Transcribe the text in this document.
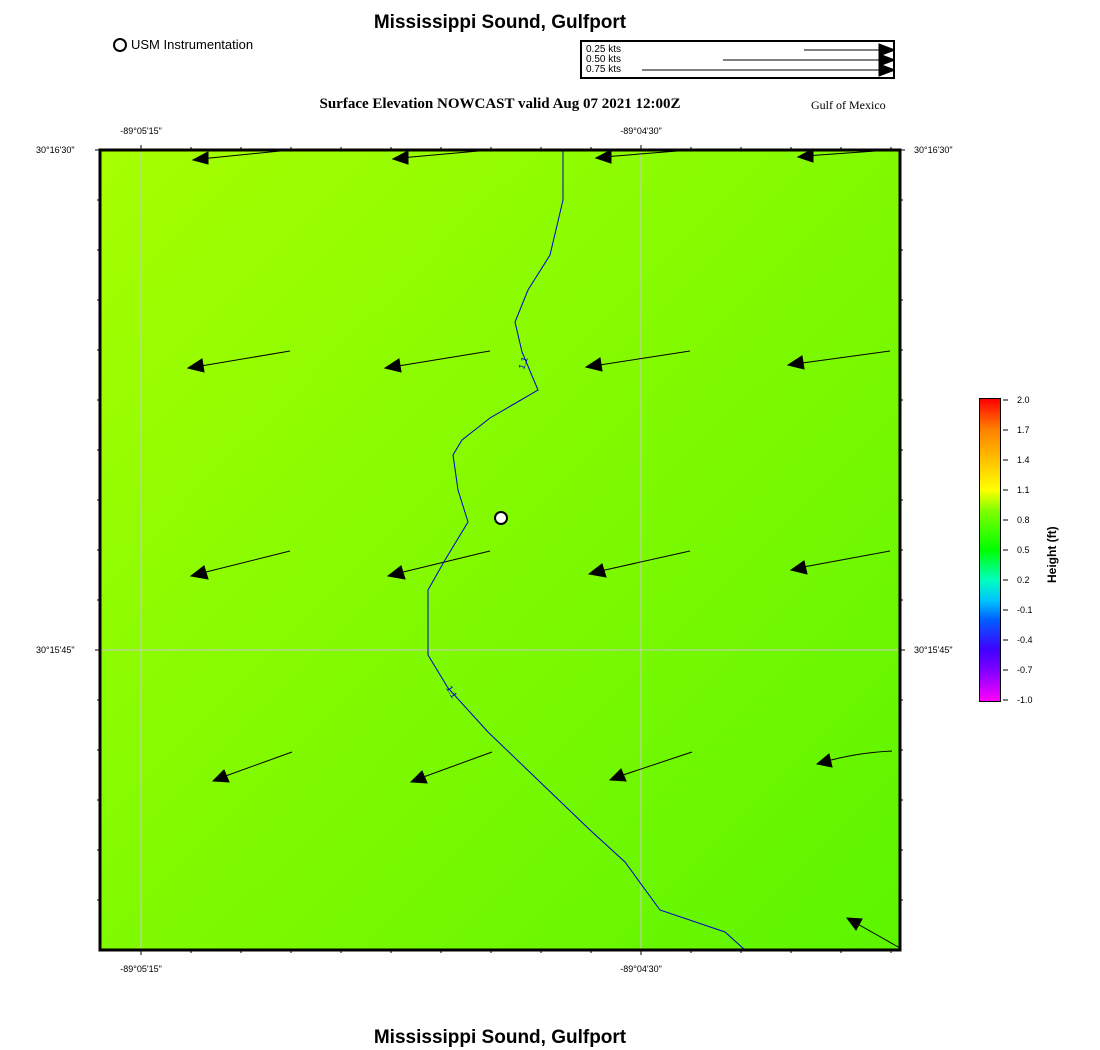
Mississippi Sound, Gulfport
USM Instrumentation	0.25 kts
0.50 kts
0.75 kts
Surface Elevation NOWCAST valid Aug 07 2021 12:00Z	Gulf of Mexico
-89°05'15"	-89°04'30"
-89°05'15"	-89°04'30"
30°16'30"
30°15'45"
30°16'30"
30°15'45"
1.1
1.1
2.0
1.7
1.4
1.1
0.8
0.5
0.2
-0.1
-0.4
-0.7
-1.0
Height (ft)
Mississippi Sound, Gulfport
